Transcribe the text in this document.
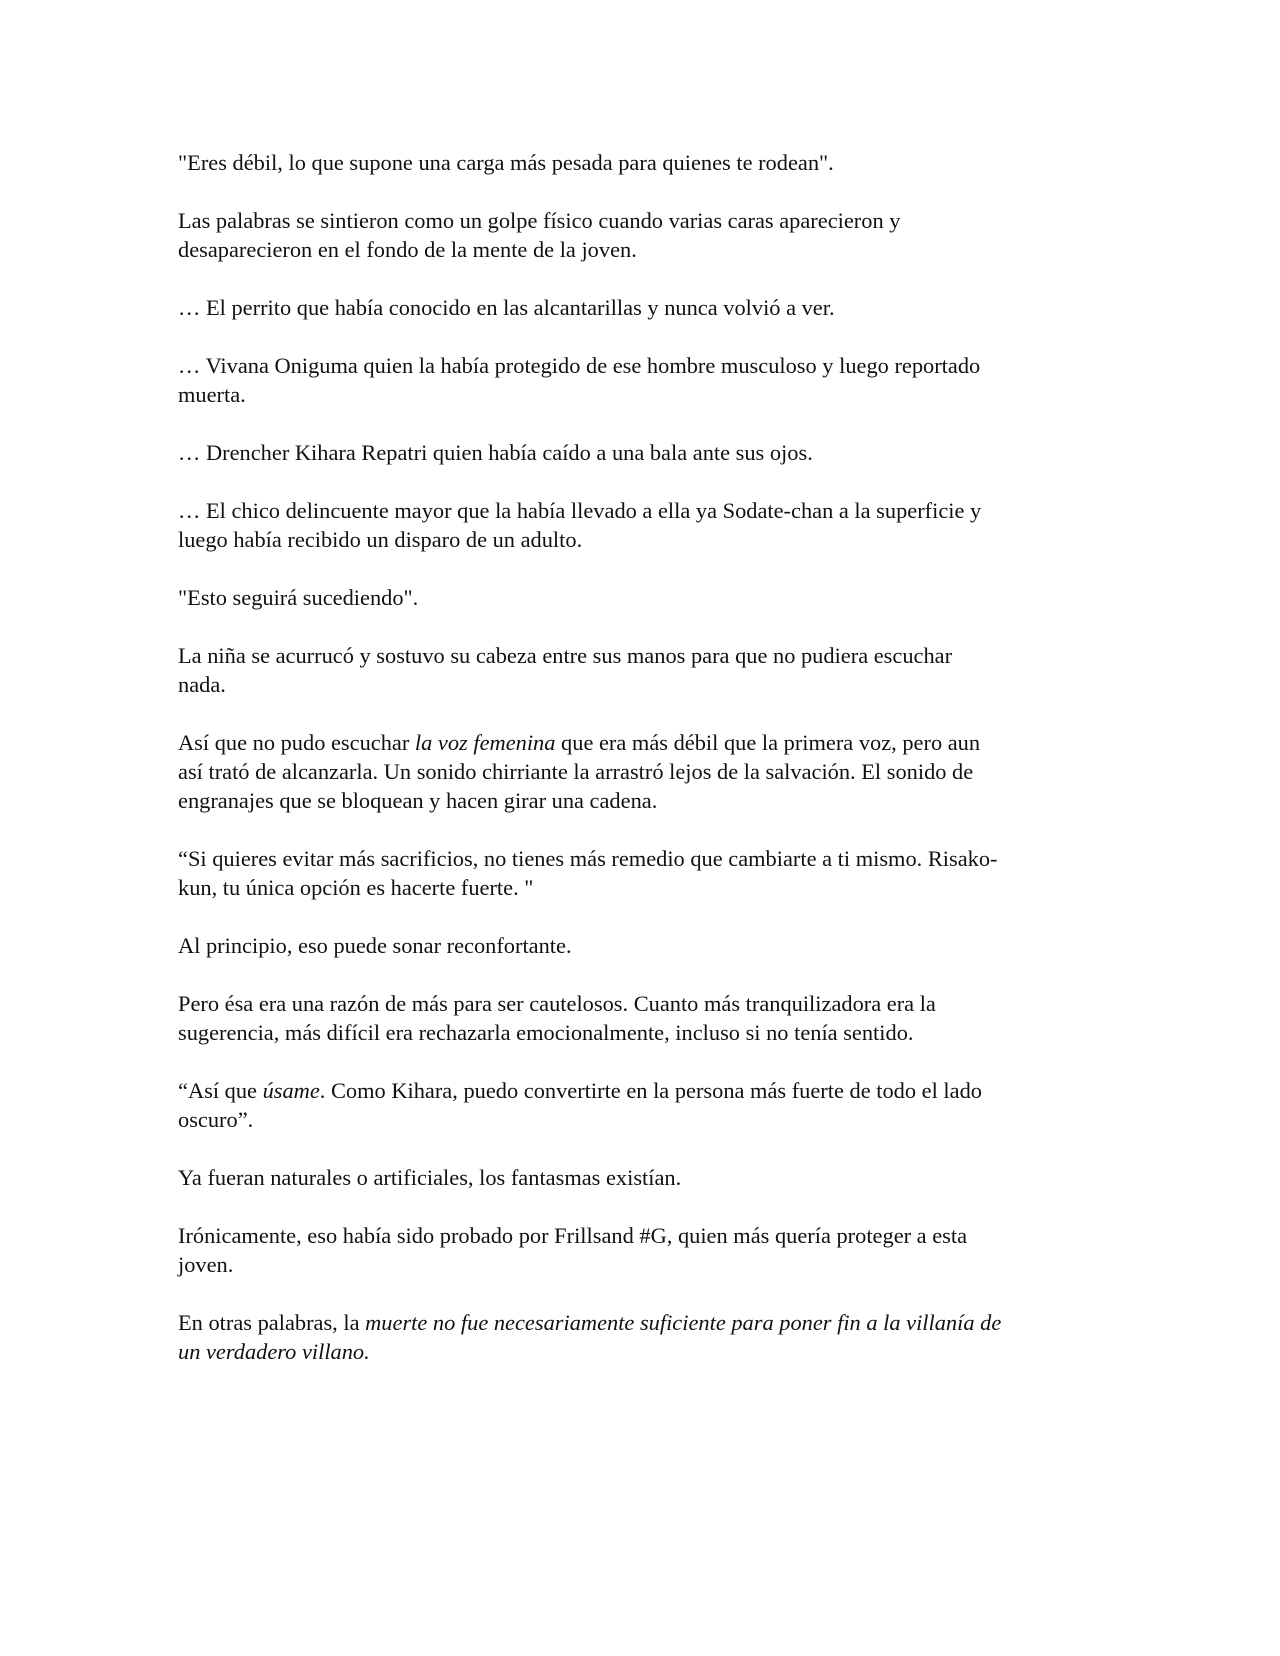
"Eres débil, lo que supone una carga más pesada para quienes te rodean".

Las palabras se sintieron como un golpe físico cuando varias caras aparecieron y
desaparecieron en el fondo de la mente de la joven.

… El perrito que había conocido en las alcantarillas y nunca volvió a ver.

… Vivana Oniguma quien la había protegido de ese hombre musculoso y luego reportado
muerta.

… Drencher Kihara Repatri quien había caído a una bala ante sus ojos.

… El chico delincuente mayor que la había llevado a ella ya Sodate-chan a la superficie y
luego había recibido un disparo de un adulto.

"Esto seguirá sucediendo".

La niña se acurrucó y sostuvo su cabeza entre sus manos para que no pudiera escuchar
nada.

Así que no pudo escuchar la voz femenina que era más débil que la primera voz, pero aun
así trató de alcanzarla. Un sonido chirriante la arrastró lejos de la salvación. El sonido de
engranajes que se bloquean y hacen girar una cadena.

“Si quieres evitar más sacrificios, no tienes más remedio que cambiarte a ti mismo. Risako-
kun, tu única opción es hacerte fuerte. "

Al principio, eso puede sonar reconfortante.

Pero ésa era una razón de más para ser cautelosos. Cuanto más tranquilizadora era la
sugerencia, más difícil era rechazarla emocionalmente, incluso si no tenía sentido.

“Así que úsame. Como Kihara, puedo convertirte en la persona más fuerte de todo el lado
oscuro”.

Ya fueran naturales o artificiales, los fantasmas existían.

Irónicamente, eso había sido probado por Frillsand #G, quien más quería proteger a esta
joven.

En otras palabras, la muerte no fue necesariamente suficiente para poner fin a la villanía de
un verdadero villano.
